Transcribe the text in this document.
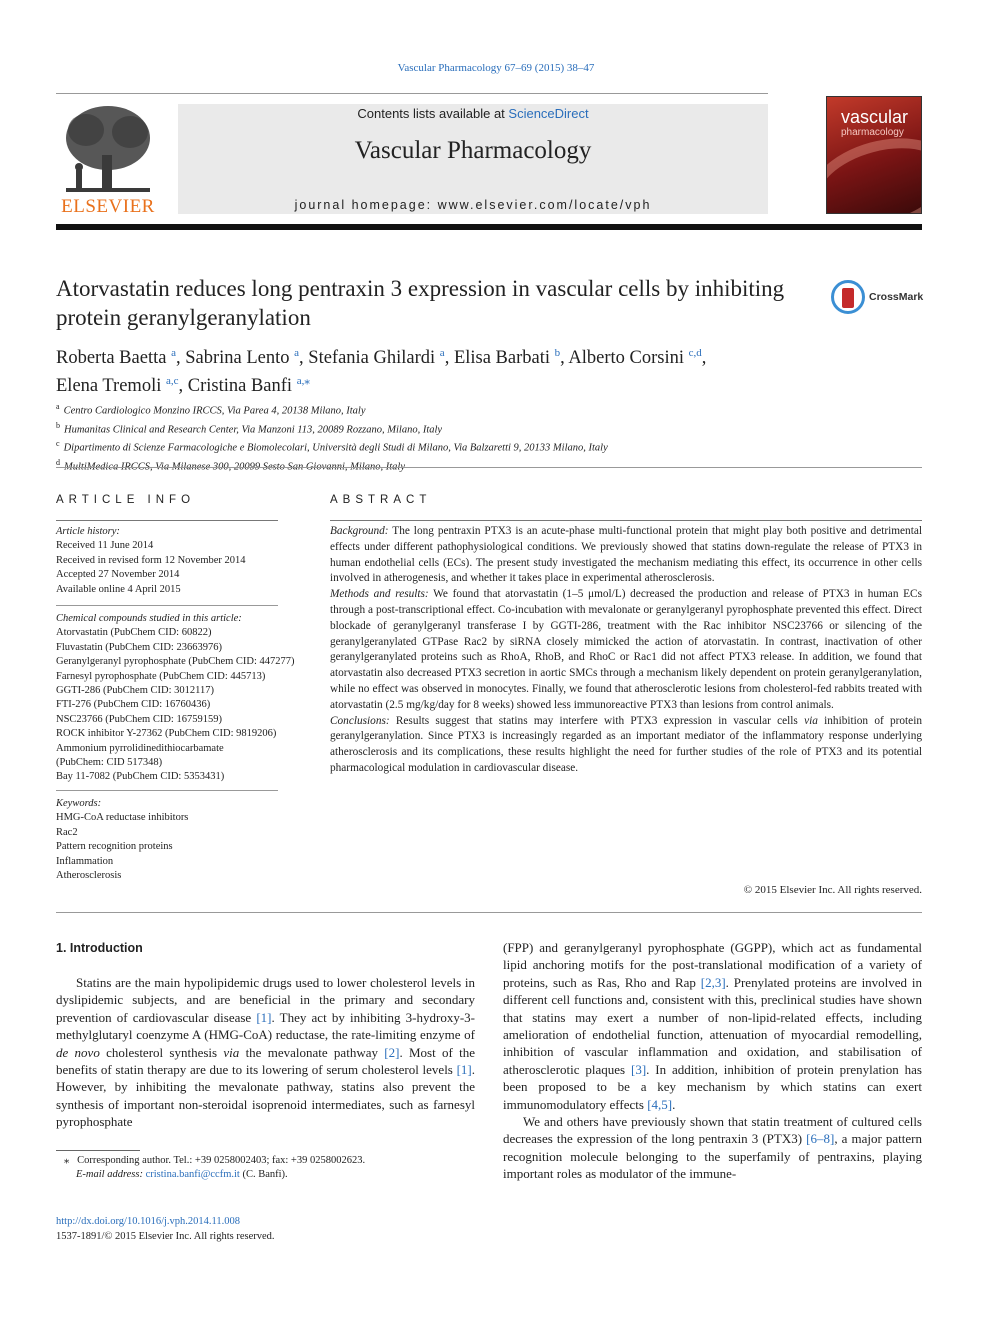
Vascular Pharmacology 67–69 (2015) 38–47
ELSEVIER
Contents lists available at ScienceDirect
Vascular Pharmacology
journal homepage: www.elsevier.com/locate/vph
vascular
pharmacology
Atorvastatin reduces long pentraxin 3 expression in vascular cells by inhibiting protein geranylgeranylation
CrossMark
Roberta Baetta $^a$, Sabrina Lento $^a$, Stefania Ghilardi $^a$, Elisa Barbati $^b$, Alberto Corsini $^{c,d}$,
Elena Tremoli $^{a,c}$, Cristina Banfi $^{a,⁎}$
$^a$ Centro Cardiologico Monzino IRCCS, Via Parea 4, 20138 Milano, Italy
$^b$ Humanitas Clinical and Research Center, Via Manzoni 113, 20089 Rozzano, Milano, Italy
$^c$ Dipartimento di Scienze Farmacologiche e Biomolecolari, Università degli Studi di Milano, Via Balzaretti 9, 20133 Milano, Italy
$^d$
ARTICLE INFO
Article history:
Received 11 June 2014
Received in revised form 12 November 2014
Accepted 27 November 2014
Available online 4 April 2015
Chemical compounds studied in this article:
Atorvastatin (PubChem CID: 60822)
Fluvastatin (PubChem CID: 23663976)
Geranylgeranyl pyrophosphate (PubChem CID: 447277)
Farnesyl pyrophosphate (PubChem CID: 445713)
GGTI-286 (PubChem CID: 3012117)
FTI-276 (PubChem CID: 16760436)
NSC23766 (PubChem CID: 16759159)
ROCK inhibitor Y-27362 (PubChem CID: 9819206)
Ammonium pyrrolidinedithiocarbamate
(PubChem: CID 517348)
Bay 11-7082 (PubChem CID: 5353431)
Keywords:
HMG-CoA reductase inhibitors
Rac2
Pattern recognition proteins
Inflammation
Atherosclerosis
ABSTRACT
Background: The long pentraxin PTX3 is an acute-phase multi-functional protein that might play both positive and detrimental effects under different pathophysiological conditions. We previously showed that statins down-regulate the release of PTX3 in human endothelial cells (ECs). The present study investigated the mechanism mediating this effect, its occurrence in other cells involved in atherogenesis, and whether it takes place in experimental atherosclerosis.
Methods and results: We found that atorvastatin (1–5 μmol/L) decreased the production and release of PTX3 in human ECs through a post-transcriptional effect. Co-incubation with mevalonate or geranylgeranyl pyrophosphate prevented this effect. Direct blockade of geranylgeranyl transferase I by GGTI-286, treatment with the Rac inhibitor NSC23766 or silencing of the geranylgeranylated GTPase Rac2 by siRNA closely mimicked the action of atorvastatin. In contrast, inactivation of other geranylgeranylated proteins such as RhoA, RhoB, and RhoC or Rac1 did not affect PTX3 release. In addition, we found that atorvastatin also decreased PTX3 secretion in aortic SMCs through a mechanism likely dependent on protein geranylgeranylation, while no effect was observed in monocytes. Finally, we found that atherosclerotic lesions from cholesterol-fed rabbits treated with atorvastatin (2.5 mg/kg/day for 8 weeks) showed less immunoreactive PTX3 than lesions from control animals.
Conclusions: Results suggest that statins may interfere with PTX3 expression in vascular cells via inhibition of protein geranylgeranylation. Since PTX3 is increasingly regarded as an important mediator of the inflammatory response underlying atherosclerosis and its complications, these results highlight the need for further studies of the role of PTX3 and its potential pharmacological modulation in cardiovascular disease.
© 2015 Elsevier Inc. All rights reserved.
1. Introduction

Statins are the main hypolipidemic drugs used to lower cholesterol levels in dyslipidemic subjects, and are beneficial in the primary and secondary prevention of cardiovascular disease [1]. They act by inhibiting 3-hydroxy-3-methylglutaryl coenzyme A (HMG-CoA) reductase, the rate-limiting enzyme of de novo cholesterol synthesis via the mevalonate pathway [2]. Most of the benefits of statin therapy are due to its lowering of serum cholesterol levels [1]. However, by inhibiting the mevalonate pathway, statins also prevent the synthesis of important non-steroidal isoprenoid intermediates, such as farnesyl pyrophosphate

(FPP) and geranylgeranyl pyrophosphate (GGPP), which act as fundamental lipid anchoring motifs for the post-translational modification of a variety of proteins, such as Ras, Rho and Rap [2,3]. Prenylated proteins are involved in different cell functions and, consistent with this, preclinical studies have shown that statins may exert a number of non-lipid-related effects, including amelioration of endothelial function, attenuation of myocardial remodelling, inhibition of vascular inflammation and oxidation, and stabilisation of atherosclerotic plaques [3]. In addition, inhibition of protein prenylation has been proposed to be a key mechanism by which statins can exert immunomodulatory effects [4,5].

We and others have previously shown that statin treatment of cultured cells decreases the expression of the long pentraxin 3 (PTX3) [6–8], a major pattern recognition molecule belonging to the superfamily of pentraxins, playing important roles as modulator of the immune-

⁎ Corresponding author. Tel.: +39 0258002403; fax: +39 0258002623.
E-mail address: cristina.banfi@ccfm.it (C. Banfi).
http://dx.doi.org/10.1016/j.vph.2014.11.008
1537-1891/© 2015 Elsevier Inc. All rights reserved.
